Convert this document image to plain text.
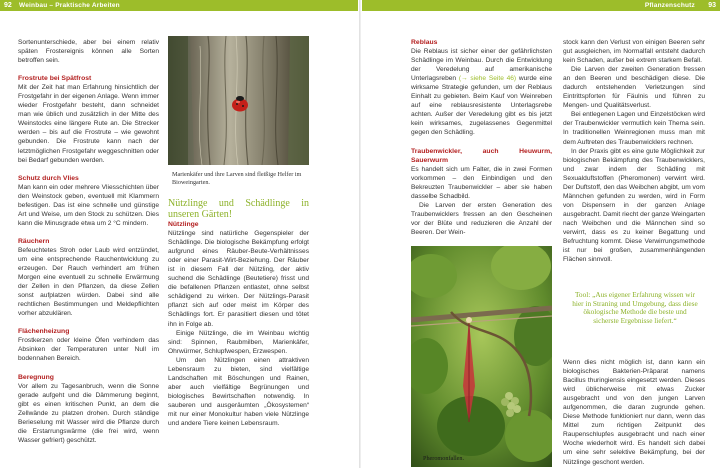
92 Weinbau – Praktische Arbeiten	Pflanzenschutz 93

Sortenunterschiede, aber bei einem relativ späten Frostereignis können alle Sorten betroffen sein.

Frostrute bei Spätfrost

Mit der Zeit hat man Erfahrung hinsichtlich der Frostgefahr in der eigenen Anlage. Wenn immer wieder Frostgefahr besteht, dann schneidet man wie üblich und zusätzlich in der Mitte des Weinstocks eine längere Rute an. Die Strecker werden – bis auf die Frostrute – wie gewohnt gebunden. Die Frostrute kann nach der letztmöglichen Frostgefahr weggeschnitten oder bei Bedarf gebunden werden.

Schutz durch Vlies

Man kann ein oder mehrere Vliesschichten über den Weinstock geben, eventuell mit Klammern befestigen. Das ist eine schnelle und günstige Art und Weise, um den Stock zu schützen. Dies kann die Minusgrade etwa um 2 °C mindern.

Räuchern

Befeuchtetes Stroh oder Laub wird entzündet, um eine entsprechende Rauchentwicklung zu erzeugen. Der Rauch verhindert am frühen Morgen eine eventuell zu schnelle Erwärmung der Zellen in den Pflanzen, da diese Zellen sonst aufplatzen würden. Dabei sind alle rechtlichen Bestimmungen und Meldepflichten vorher abzuklären.

Flächenheizung

Frostkerzen oder kleine Öfen verhindern das Absinken der Temperaturen unter Null im bodennahen Bereich.

Beregnung

Vor allem zu Tagesanbruch, wenn die Sonne gerade aufgeht und die Dämmerung beginnt, gibt es einen kritischen Punkt, an dem die Zellwände zu platzen drohen. Durch ständige Berieselung mit Wasser wird die Pflanze durch die Erstarrungswärme (die frei wird, wenn Wasser gefriert) geschützt.

Marienkäfer und ihre Larven sind fleißige Helfer im Bioweingarten.

Nützlinge und Schädlinge in unseren Gärten!

Nützlinge

Nützlinge sind natürliche Gegenspieler der Schädlinge. Die biologische Bekämpfung erfolgt aufgrund eines Räuber-Beute-Verhältnisses oder einer Parasit-Wirt-Beziehung. Der Räuber ist in diesem Fall der Nützling, der aktiv suchend die Schädlinge (Beutetiere) frisst und die befallenen Pflanzen entlastet, ohne selbst schädigend zu wirken. Der Nützlings-Parasit pflanzt sich auf oder meist im Körper des Schädlings fort. Er parasitiert diesen und tötet ihn in Folge ab.

Einige Nützlinge, die im Weinbau wichtig sind: Spinnen, Raubmilben, Marienkäfer, Ohrwürmer, Schlupfwespen, Erzwespen.

Um den Nützlingen einen attraktiven Lebensraum zu bieten, sind vielfältige Landschaften mit Böschungen und Rainen, aber auch vielfältige Begrünungen und biologisches Bewirtschaften notwendig. In sauberen und ausgeräumten „Ökosystemen“ mit nur einer Monokultur haben viele Nützlinge und andere Tiere keinen Lebensraum.

Reblaus

Die Reblaus ist sicher einer der gefährlichsten Schädlinge im Weinbau. Durch die Entwicklung der Veredelung auf amerikanische Unterlagsreben (→ siehe Seite 46) wurde eine wirksame Strategie gefunden, um der Reblaus Einhalt zu gebieten. Beim Kauf von Weinreben auf eine reblausresistente Unterlagsrebe achten. Außer der Veredelung gibt es bis jetzt kein wirksames, zugelassenes Gegenmittel gegen den Schädling.

Traubenwickler, auch Heuwurm, Sauerwurm

Es handelt sich um Falter, die in zwei Formen vorkommen – den Einbindigen und den Bekreuzten Traubenwickler – aber sie haben dasselbe Schadbild.

Die Larven der ersten Generation des Traubenwicklers fressen an den Gescheinen vor der Blüte und reduzieren die Anzahl der Beeren. Der Wein-

Pheromonfallen.

stock kann den Verlust von einigen Beeren sehr gut ausgleichen, im Normalfall entsteht dadurch kein Schaden, außer bei extrem starkem Befall.

Die Larven der zweiten Generation fressen an den Beeren und beschädigen diese. Die dadurch entstehenden Verletzungen sind Eintrittspforten für Fäulnis und führen zu Mengen- und Qualitätsverlust.

Bei entlegenen Lagen und Einzelstöcken wird der Traubenwickler vermutlich kein Thema sein. In traditionellen Weinregionen muss man mit dem Auftreten des Traubenwicklers rechnen.

In der Praxis gibt es eine gute Möglichkeit zur biologischen Bekämpfung des Traubenwicklers, und zwar indem der Schädling mit Sexualduftstoffen (Pheromonen) verwirrt wird. Der Duftstoff, den das Weibchen abgibt, um vom Männchen gefunden zu werden, wird in Form von Dispensern in der ganzen Anlage ausgebracht. Damit riecht der ganze Weingarten nach Weibchen und die Männchen sind so verwirrt, dass es zu keiner Begattung und Befruchtung kommt. Diese Verwirrungsmethode ist nur bei großen, zusammenhängenden Flächen sinnvoll.

Tool: „Aus eigener Erfahrung wissen wir hier in Straning und Umgebung, dass diese ökologische Methode die beste und sicherste Ergebnisse liefert.“

Wenn dies nicht möglich ist, dann kann ein biologisches Bakterien-Präparat namens Bacillus thuringiensis eingesetzt werden. Dieses wird üblicherweise mit etwas Zucker ausgebracht und von den jungen Larven aufgenommen, die daran zugrunde gehen. Diese Methode funktioniert nur dann, wenn das Mittel zum richtigen Zeitpunkt des Raupenschlupfes ausgebracht und nach einer Woche wiederholt wird. Es handelt sich dabei um eine sehr selektive Bekämpfung, bei der Nützlinge geschont werden.
